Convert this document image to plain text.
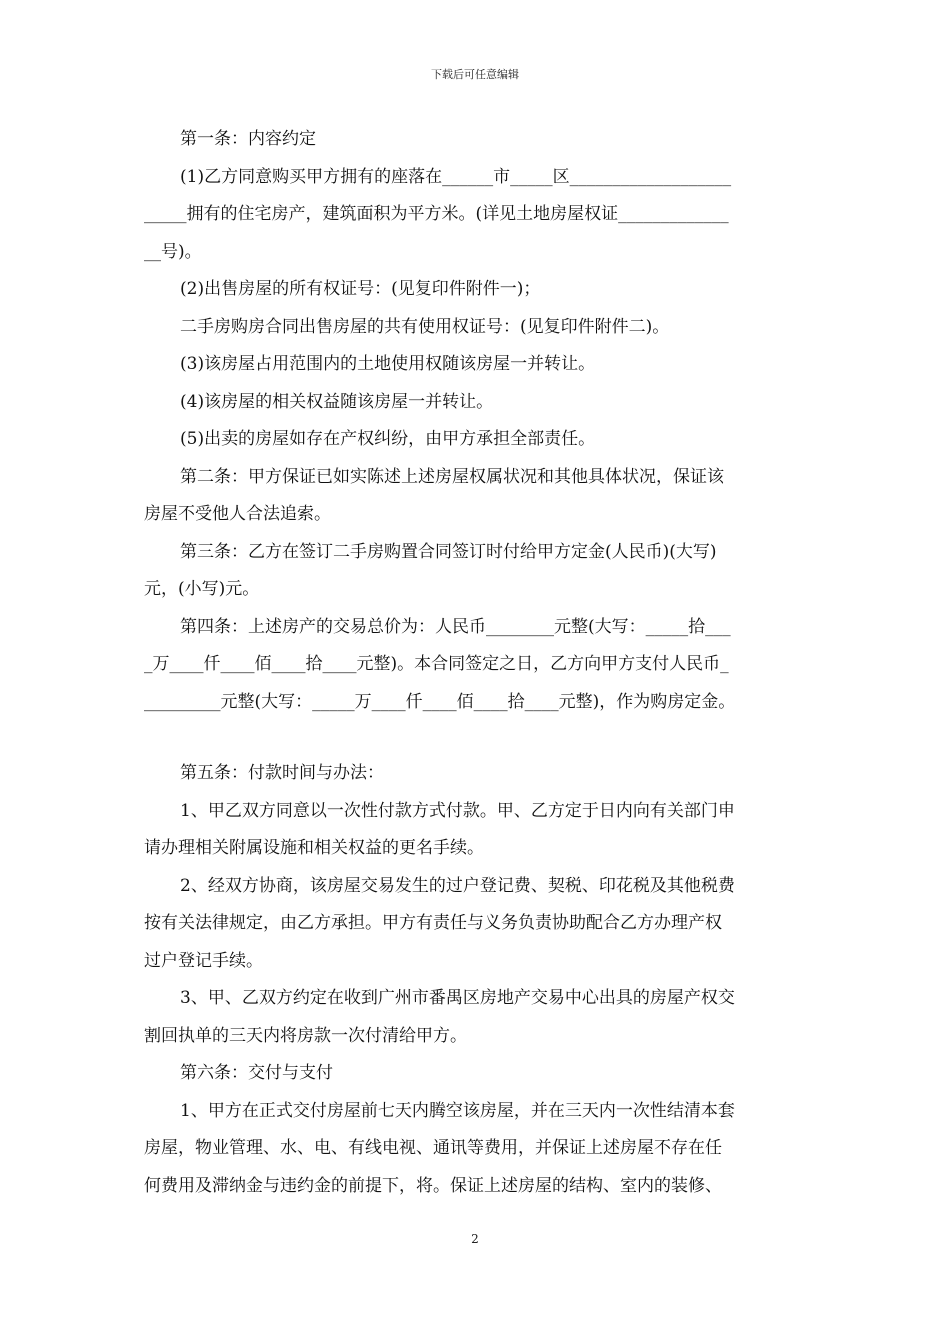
下载后可任意编辑

第一条：内容约定

(1)乙方同意购买甲方拥有的座落在______市_____区___________________

_____拥有的住宅房产，建筑面积为平方米。(详见土地房屋权证_____________

__号)。

(2)出售房屋的所有权证号：(见复印件附件一)；

二手房购房合同出售房屋的共有使用权证号：(见复印件附件二)。

(3)该房屋占用范围内的土地使用权随该房屋一并转让。

(4)该房屋的相关权益随该房屋一并转让。

(5)出卖的房屋如存在产权纠纷，由甲方承担全部责任。

第二条：甲方保证已如实陈述上述房屋权属状况和其他具体状况，保证该

房屋不受他人合法追索。

第三条：乙方在签订二手房购置合同签订时付给甲方定金(人民币)(大写)

元，(小写)元。

第四条：上述房产的交易总价为：人民币________元整(大写：_____拾___

_万____仟____佰____拾____元整)。本合同签定之日，乙方向甲方支付人民币_

_________元整(大写：_____万____仟____佰____拾____元整)，作为购房定金。

第五条：付款时间与办法：

1、甲乙双方同意以一次性付款方式付款。甲、乙方定于日内向有关部门申

请办理相关附属设施和相关权益的更名手续。

2、经双方协商，该房屋交易发生的过户登记费、契税、印花税及其他税费

按有关法律规定，由乙方承担。甲方有责任与义务负责协助配合乙方办理产权

过户登记手续。

3、甲、乙双方约定在收到广州市番禺区房地产交易中心出具的房屋产权交

割回执单的三天内将房款一次付清给甲方。

第六条：交付与支付

1、甲方在正式交付房屋前七天内腾空该房屋，并在三天内一次性结清本套

房屋，物业管理、水、电、有线电视、通讯等费用，并保证上述房屋不存在任

何费用及滞纳金与违约金的前提下，将。保证上述房屋的结构、室内的装修、

2
